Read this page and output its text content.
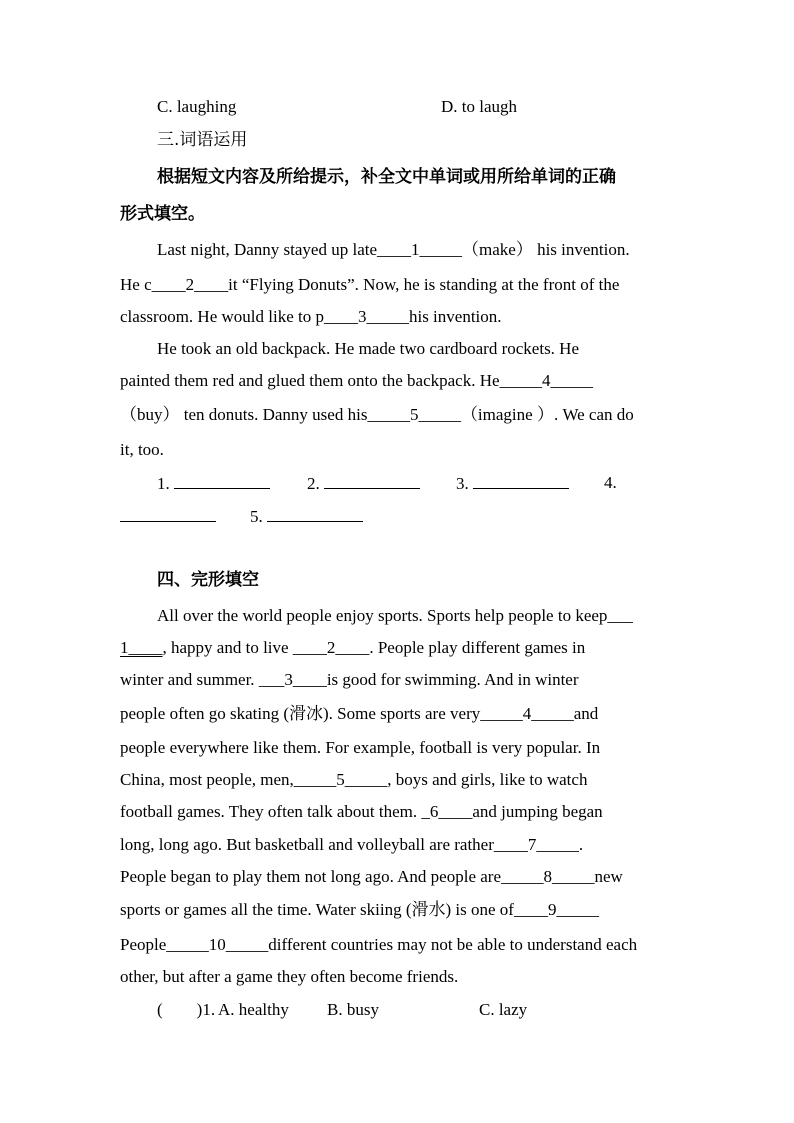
C. laughing	D. to laugh
三.词语运用
根据短文内容及所给提示，补全文中单词或用所给单词的正确
形式填空。
Last night, Danny stayed up late____1_____（make） his invention.
He c____2____it “Flying Donuts”. Now, he is standing at the front of the
classroom. He would like to p____3_____his invention.
He took an old backpack. He made two cardboard rockets. He
painted them red and glued them onto the backpack. He_____4_____
（buy） ten donuts. Danny used his_____5_____（imagine ）. We can do
it, too.
1.	2.	3.	4.
5.
四、完形填空
All over the world people enjoy sports. Sports help people to keep___
1____, happy and to live ____2____. People play different games in
winter and summer. ___3____is good for swimming. And in winter
people often go skating (滑冰). Some sports are very_____4_____and
people everywhere like them. For example, football is very popular. In
China, most people, men,_____5_____, boys and girls, like to watch
football games. They often talk about them. _6____and jumping began
long, long ago. But basketball and volleyball are rather____7_____.
People began to play them not long ago. And people are_____8_____new
sports or games all the time. Water skiing (滑水) is one of____9_____
People_____10_____different countries may not be able to understand each
other, but after a game they often become friends.
(        )1. A. healthy B. busy	C. lazy
